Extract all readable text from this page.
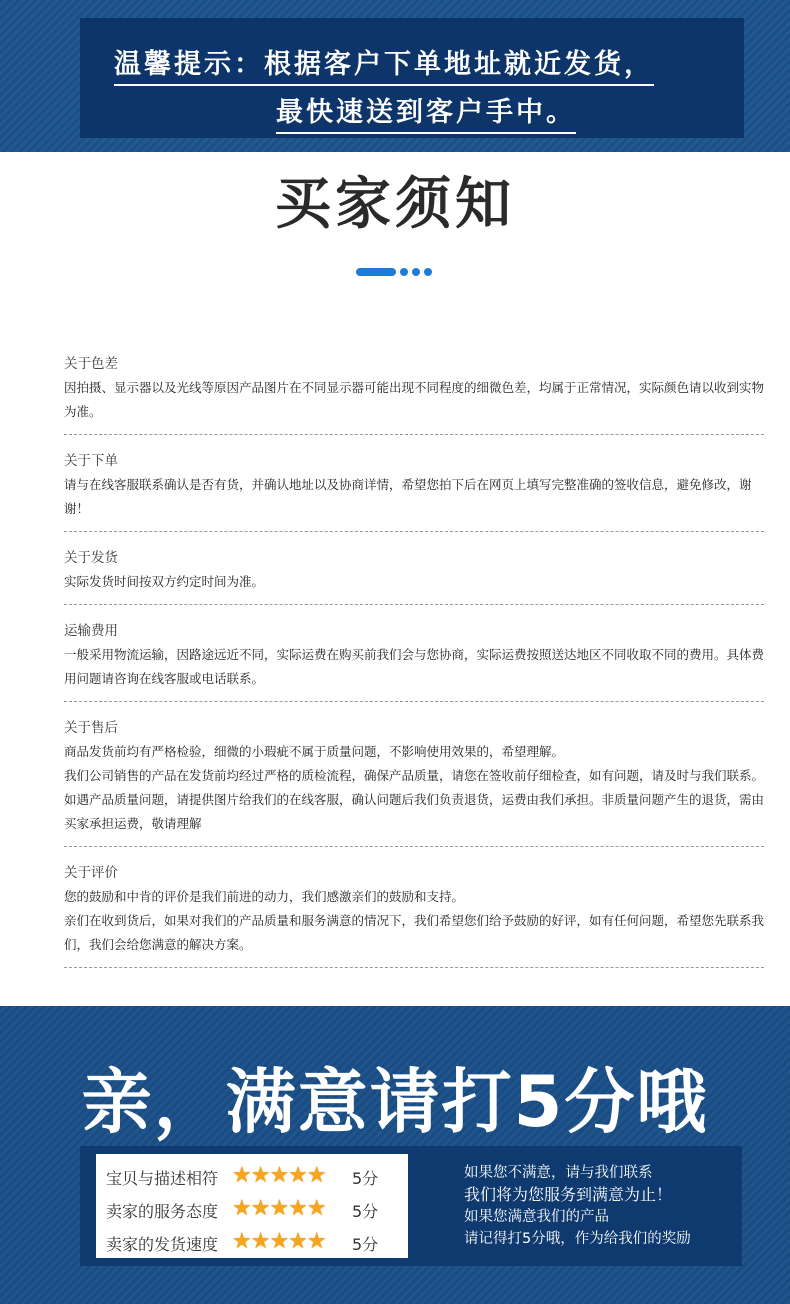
温馨提示：根据客户下单地址就近发货，
最快速送到客户手中。
买家须知
关于色差
因拍摄、显示器以及光线等原因产品图片在不同显示器可能出现不同程度的细微色差，均属于正常情况，实际颜色请以收到实物为准。
关于下单
请与在线客服联系确认是否有货，并确认地址以及协商详情，希望您拍下后在网页上填写完整准确的签收信息，避免修改，谢谢！
关于发货
实际发货时间按双方约定时间为准。
运输费用
一般采用物流运输，因路途远近不同，实际运费在购买前我们会与您协商，实际运费按照送达地区不同收取不同的费用。具体费用问题请咨询在线客服或电话联系。
关于售后
商品发货前均有严格检验，细微的小瑕疵不属于质量问题，不影响使用效果的，希望理解。
我们公司销售的产品在发货前均经过严格的质检流程，确保产品质量，请您在签收前仔细检查，如有问题，请及时与我们联系。
如遇产品质量问题，请提供图片给我们的在线客服，确认问题后我们负责退货，运费由我们承担。非质量问题产生的退货，需由买家承担运费，敬请理解
关于评价
您的鼓励和中肯的评价是我们前进的动力，我们感激亲们的鼓励和支持。
亲们在收到货后，如果对我们的产品质量和服务满意的情况下，我们希望您们给予鼓励的好评，如有任何问题，希望您先联系我们，我们会给您满意的解决方案。
亲，满意请打5分哦
宝贝与描述相符 ★★★★★ 5分
卖家的服务态度 ★★★★★ 5分
卖家的发货速度 ★★★★★ 5分
如果您不满意，请与我们联系
我们将为您服务到满意为止！
如果您满意我们的产品
请记得打5分哦，作为给我们的奖励
